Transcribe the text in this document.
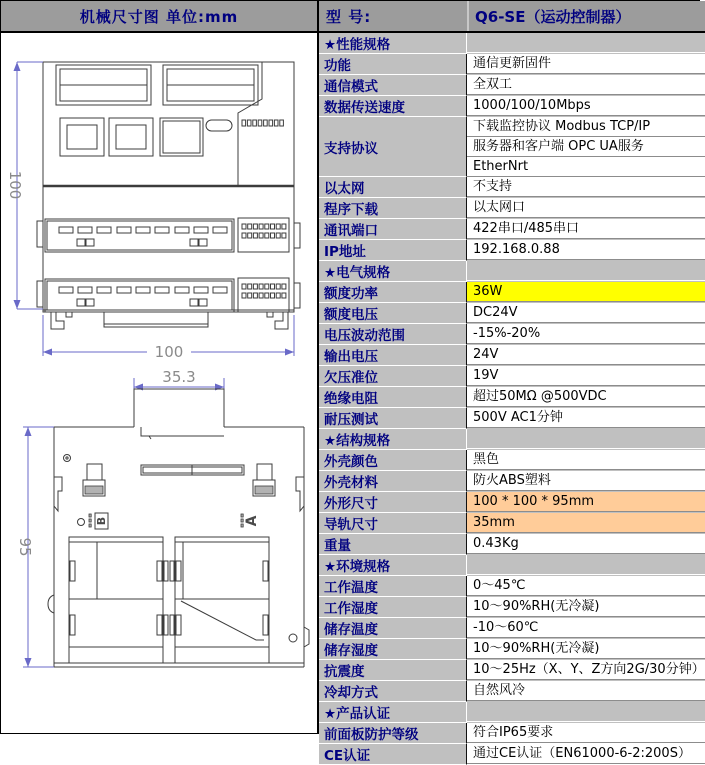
机械尺寸图 单位:mm
100
100
35.3
B	A
95
型 号:	Q6-SE（运动控制器）
★性能规格
功能	通信更新固件
通信模式	全双工
数据传送速度	1000/100/10Mbps
支持协议
下载监控协议 Modbus TCP/IP
服务器和客户端 OPC UA服务
EtherNrt
以太网	不支持
程序下载	以太网口
通讯端口	422串口/485串口
IP地址	192.168.0.88
★电气规格
额度功率	36W
额度电压	DC24V
电压波动范围	-15%-20%
输出电压	24V
欠压准位	19V
绝缘电阻	超过50MΩ @500VDC
耐压测试	500V AC1分钟
★结构规格
外壳颜色	黑色
外壳材料	防火ABS塑料
外形尺寸	100 * 100 * 95mm
导轨尺寸	35mm
重量	0.43Kg
★环境规格
工作温度	0～45℃
工作湿度	10～90%RH(无冷凝)
储存温度	-10～60℃
储存湿度	10～90%RH(无冷凝)
抗震度	10～25Hz（X、Y、Z方向2G/30分钟）
冷却方式	自然风冷
★产品认证
前面板防护等级	符合IP65要求
CE认证	通过CE认证（EN61000-6-2:200S）
